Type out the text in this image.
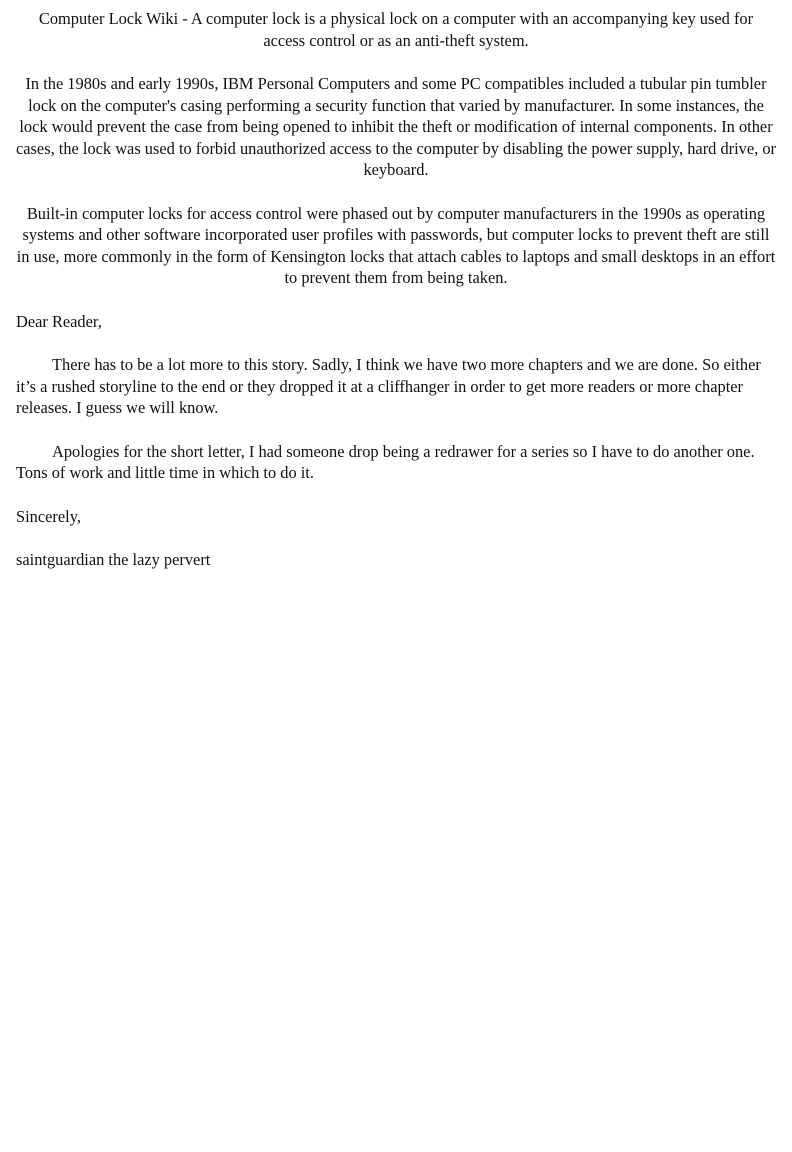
Computer Lock Wiki - A computer lock is a physical lock on a computer with an accompanying key used for access control or as an anti-theft system.

In the 1980s and early 1990s, IBM Personal Computers and some PC compatibles included a tubular pin tumbler lock on the computer's casing performing a security function that varied by manufacturer. In some instances, the lock would prevent the case from being opened to inhibit the theft or modification of internal components. In other cases, the lock was used to forbid unauthorized access to the computer by disabling the power supply, hard drive, or keyboard.

Built-in computer locks for access control were phased out by computer manufacturers in the 1990s as operating systems and other software incorporated user profiles with passwords, but computer locks to prevent theft are still in use, more commonly in the form of Kensington locks that attach cables to laptops and small desktops in an effort to prevent them from being taken.

Dear Reader,

There has to be a lot more to this story. Sadly, I think we have two more chapters and we are done. So either it’s a rushed storyline to the end or they dropped it at a cliffhanger in order to get more readers or more chapter releases. I guess we will know.

Apologies for the short letter, I had someone drop being a redrawer for a series so I have to do another one. Tons of work and little time in which to do it.

Sincerely,

saintguardian the lazy pervert
